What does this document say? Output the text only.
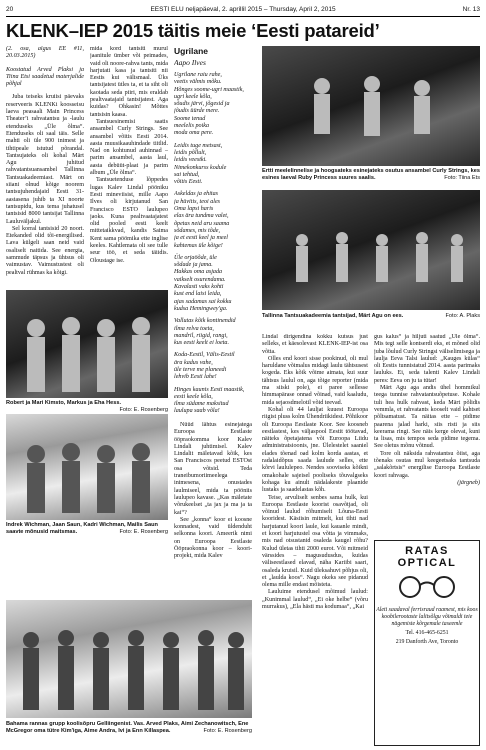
20	EESTI ELU neljapäeval, 2. aprillil 2015 – Thursday, April 2, 2015	Nr. 13
KLENK–IEP 2015 täitis meie ‘Eesti patareid’

(2. osa, algus EE #11, 20.03.2015)

Koostatud Arved Plaksi ja Tiina Etsi saadetud materjalide põhjal

Juba teiseks kruiisi päevaks reserveeris KLENKi koosseisu laeva peasaali Main Princess Theater’i rahvatantsu ja -laulu etenduseks „Üle õlma“. Etenduseks oli saal täis. Selle mahti oli üle 900 inimest ja tihtipeale istutud põrandal. Tantsujateks oli kohal Märt Agu juhitud rahvatantsuansambel Tallinna Tantsuakadeemiast. Märt on siiani olnud kõige noorem tantsujuhendajaid Eesti 31-aastasena juhib ta XI noorte tantsupidu, kus tema juhatusel tantsisid 8000 tantsijat Tallinna Lauluväljakul.

Sel korral tantsisid 20 noort. Etekanded olid tõi-energilised. Lava külgeli saan neid vaid osaliselt naitida. See energia, sammude täpsus ja ühtsus oli vaimustav. Vaimustustest oli pealtval rühmas ka kõigi.

mida kord tantsiti murul jaanitule ümber või peimades, vaid oli noore-rahva tants, mida harjutati kasa ja tantsiti nii Eestis kui välismaal. Üks tantsijatest ütles ta, et ta siht oli kaotada seda piiri, mis eraldab pealtvaatajaid tantsijatest. Aga kuidas? Ohkasin! Mõttes tantsisin kaasa.

Tantsuesinemisi saatis ansambel Curly Strings. See ansambel võitis Eesti 2014. aasta muusikaauhindade tiitlid. Nad on kohtunud auhinnad – parim ansambel, aasta laul, aasta debüüt-plaat ja parim album „Üle õlma“.

Tantsuetendusе lõppedes lugas Kalev Lindal pööniku Eesti mineviisist, mille Aapo Ilves oli kirjutanud San Francisco ESTO laulupeo jaoks. Kuna pealtvaatajatest olid pooled eesti keelt mittetaikkvad, kandis Saima Kent samа pöömika ette inglise keeles. Kahtlemata oli see tulle seur töö, et seda täiidis. Oloustage ise.

Ugrilane
Aapo Ilves
Ugrilane raiu rahe,
veetis välmis mõku.
Hõnges soome-ugri maastik,
ugri keele kõla,
sõudis järvi, jõgesid ja
jõudis üürde mere.
Soome tenud
meelelis poika
moda oma pere.
Leidis tuge metsast,
leidis põllult,
leidis veestki.
Nimekonkurss kodule
sai tehtud,
võitis Eesti.
Askeldas ja ehitas
ja hüvitis, teoi ales
Oma lapsi haris
elas ära tundma valet,
õpetas neid aru saama
sõdames, mis tõde,
ja et eesti keel ja meel
kahtemas üle kõige!
Üle orjaöõde, üle
sõdade ja jama.
Hakkas oma asjada
vaikselt osurendama.
Kavalasti vaks kohti
kust end laisi leida,
ajas sadamas sai kokku
kudsa Hemingwey'ga.
Vallutas kõik kontinendid
ilma relva toeta,
mandril, riigid, rangi,
kus eesti keelt ei loeta.
Koda-Eestil, Välis-Eestil
ära kadus vahe,
üle terve me planeedi
lehvib Eesti lahe!
Hinges kaunis Eesti maastik,
eesti keele kõla,
ilma südame maksitud
laulupa saab võla!
Ertti meelelinnelise ja hoogsateks esinejateks osutus ansambel Curly Strings, kes esines laeval Ruby Princess suures saalis.	Foto: Tiina Ets
Tallinna Tantsuakadeemia tantsijad, Märt Agu on ees.	Foto: A. Plaks
Robert ja Mari Kimsto, Markus ja Eha Hess.
Foto: E. Rosenberg

Nüüd lähtus esinejatega Euroopa Eestlaste ööpraokomma koor Kalev Lindali juhtimisel. Kalev Lindalit mäletavad kõik, kes San Franciscos peetud ESTOst osa võtsid. Teda traneibumoriimeelega inimesena, onustades laulmiseel, mida ta pööniis laulupeo kavase. „Kas mäletate võrukeelset „ta jax ja ma ja ta kai“?

See „konna“ koor ei koosne konnadest, vaid üldenduht selkonna koori. Ameerik nimi on Euroopa Eestlaste Ööpraokonna koor – koori-projekt, mida Kalev

Indrek Wichman, Jaan Saun, Kadri Wichman, Mailis Saun saavte mõnusid maitsmas.	Foto: E. Rosenberg

Lindal dirigendina kokku kutsus just selleks, et käesolevast KLENK-IEP-ist osa võtta.

Olles end koori sisse pookinud, oli mul haruldane võimalus midagi laulu tähtsusest kogeda. Eks kõik võime aimata, kui suur tähtsus laulul on, aga tõige reporter (mida ma siiski pole), ei paree sellesse himmapärase onnad võinad, vaid kaaludu, mida sejaosdmelotil võid teevad.

Kohal oli 44 lauljat kuuest Euroopa riigist pluss kolm Ühendriikidest. Põhikoor oli Euroopa Eestlaste Koor. See koosneb eestlastest, kes väljaspool Eestit töötavad, näiteks õpetajatena või Euroopa Liidu administratsioonis, jne. Ülelestelet saaniel elades tõenad oad kolm korda aastas, et radalaidõpus saada laulude selles, ette kõrvi laululepeo. Nendes sooviseks kõikni omakohale sajeisel pooliseks tõuvalgseks kohaga ku ainult nädalakeste plaanide lustaks ja saadelastas kõh.

Teise, arvuliselt senbes sama hulk, kui Euroopa Eestlaste koorist osavõtjad, oli võinud laulud rõhumiselt Lõuna-Eesti kooridest. Käsiisin mitmelt, kui tihti nad harjutanud koori laule, kui kauanle mindi, et koori harjutustel osa võtta ja vimmaks, mis nad otsustanid osaleda kaugel rõhu? Kulud ületas tihti 2000 eurot. Või mitmeid värssides – magusudusdus, kuidas väliseestlased elavad, näha Kariibi saari, osaleda kruisil. Kuid üleksahuvi põhjus oli, et „laulda koos“. Nagu okeks see pidanud olema mille endast mõisteta.

Lauluime etendusel mõimud laulud: „Kunimmal laulud“, „Ei oke helbe“ (võru murrakus), „Ela hästi ma kodumaa“, „Kai

gus kalus“ ja hiljuti saatud „Üle õlma“. Mis tegi selle kontserdi eks, et mõned olid juba lõulud Curly Stringsi väliselimisega ja laulja Eeva Talsi laulud: „Kauges külas“ oli Eestis tunnistatud 2014. aasta parimaks lauluks. Ei, seda talenti Kalev Lindali peres: Eeva on ju ta tütar!

Märt Agu aga andis ühel hommikul teega tunnise rahvatantsuõpetuse. Kohale tuli hea hulk rahvast, keda Märt põlidis vemmla, et rahvatants kooselt vaid kahtset põltsamatust. Ta näitas ette – pidime paarena jalad harki, siis risti ja siis keerama ringi. See näis kerge olevat, kuni ta lisas, mis tempos seda pidime tegema. See oletus mõnu võtnud.

Tore oli näksida rahvatantsu õiist, aga tõenaks osutas mul keegeetsaks tantsuda „salakõrtsis“ energilise Euroopa Eestlaste koori rahvaga.

(järgneb)

Bahama rannas grupp koolisõpru Gelliingenist. Vas. Arved Plaks, Aimi Zechanowitsch, Ene McGregor oma tütre Kim'iga, Aime Andra, Ivi ja Enn Killaspea.	Foto: E. Rosenberg
RATAS OPTICAL
Aleti saadaval ferrisraud raamest, mis koos koobilerootaste lalitsõlgu võimaldi teie nägemiste kõrgemale taseemle
Tel. 416-465-6251
219 Danforth Ave, Toronto
